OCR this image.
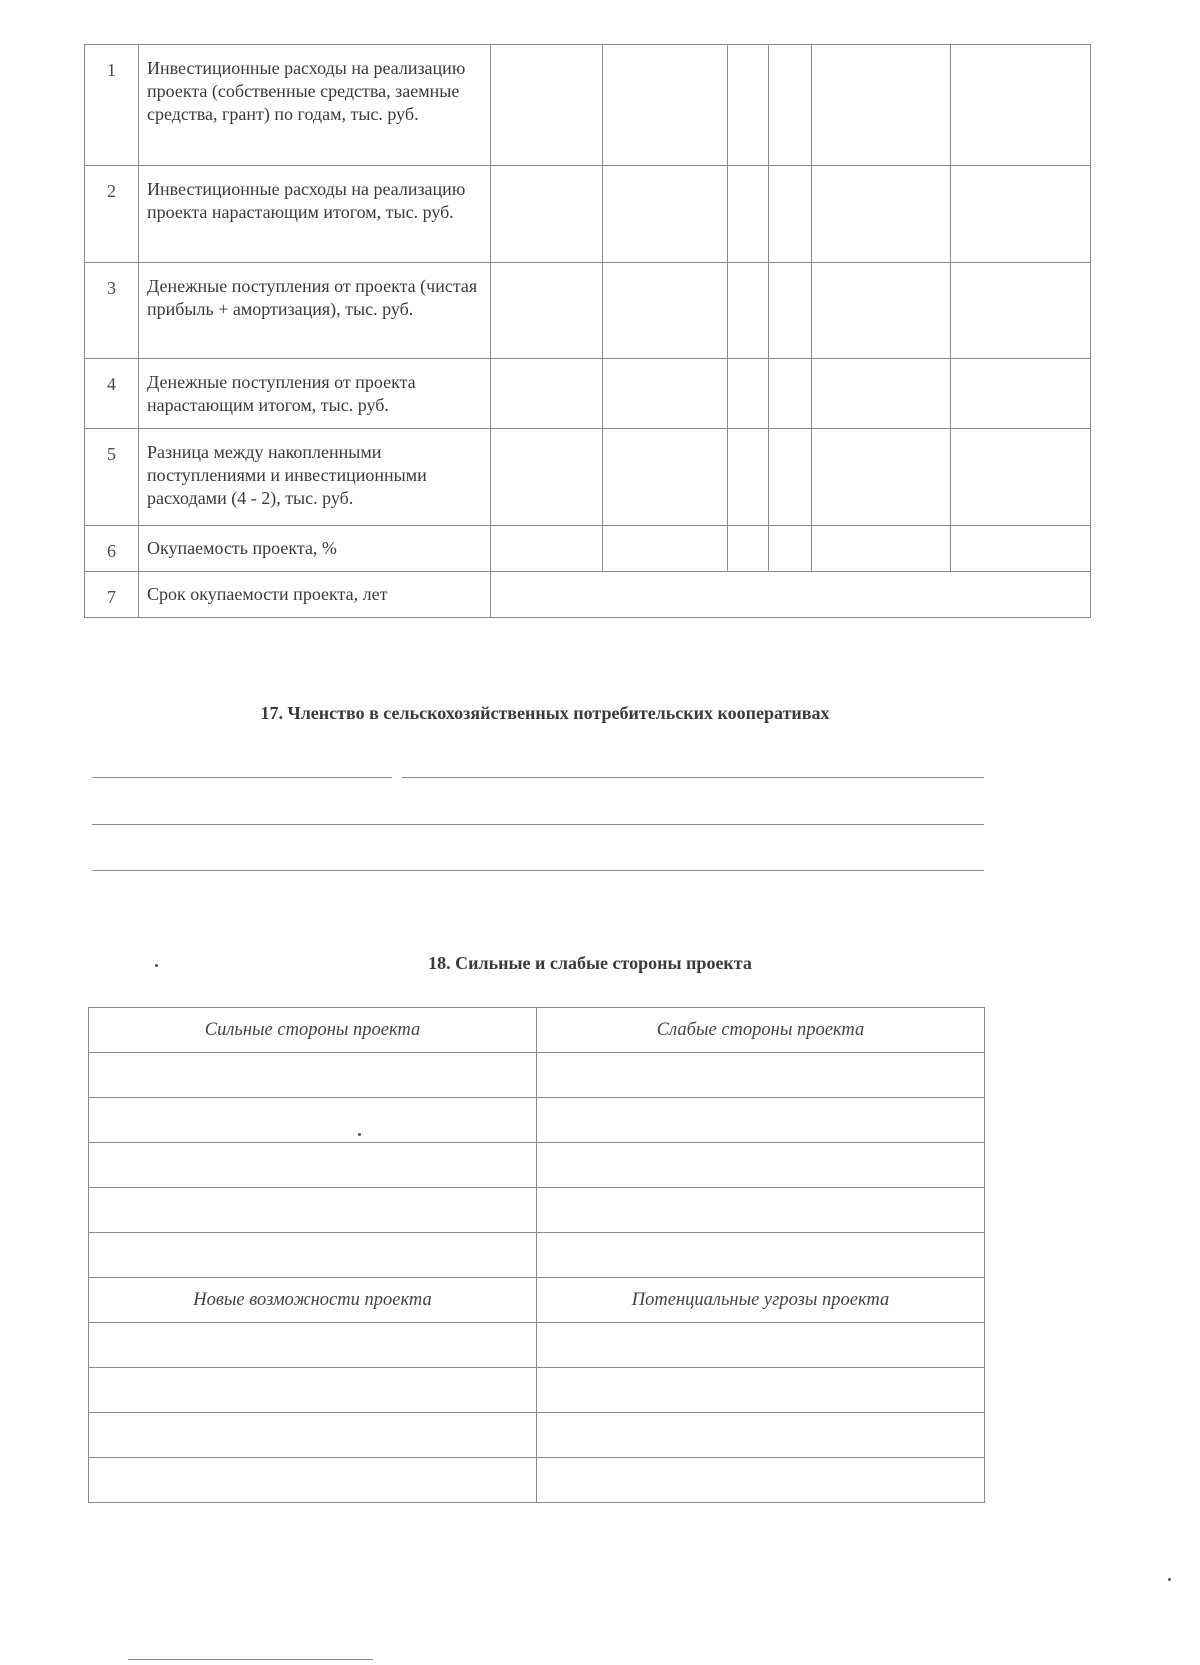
1	Инвестиционные расходы на реализацию проекта (собственные средства, заемные средства, грант) по годам, тыс. руб.						
2	Инвестиционные расходы на реализацию проекта нарастающим итогом, тыс. руб.						
3	Денежные поступления от проекта (чистая прибыль + амортизация), тыс. руб.						
4	Денежные поступления от проекта нарастающим итогом, тыс. руб.						
5	Разница между накопленными поступлениями и инвестиционными расходами (4 - 2), тыс. руб.						
6	Окупаемость проекта, %						
7	Срок окупаемости проекта, лет						
17. Членство в сельскохозяйственных потребительских кооперативах
18. Сильные и слабые стороны проекта
Сильные стороны проекта	Слабые стороны проекта

Новые возможности проекта	Потенциальные угрозы проекта
